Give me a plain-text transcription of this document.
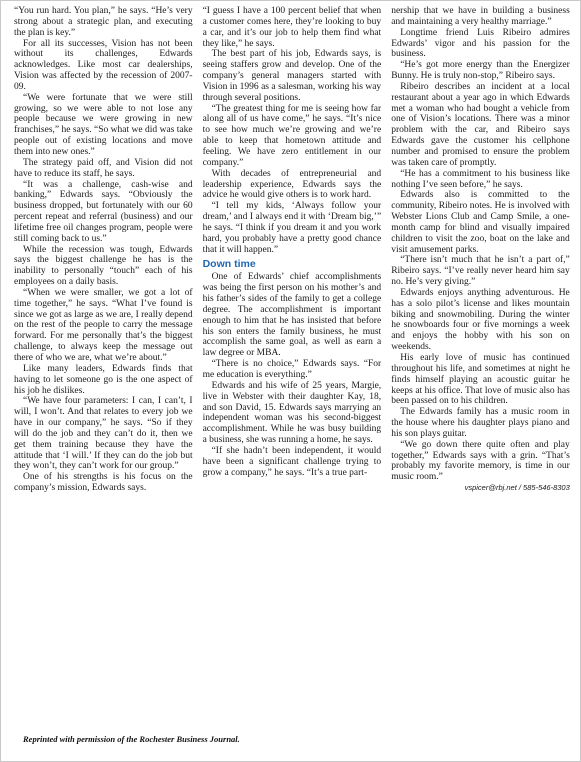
“You run hard. You plan,” he says. “He’s very strong about a strategic plan, and executing the plan is key.”

For all its successes, Vision has not been without its challenges, Edwards acknowledges. Like most car dealerships, Vision was affected by the recession of 2007-09.

“We were fortunate that we were still growing, so we were able to not lose any people because we were growing in new franchises,” he says. “So what we did was take people out of existing locations and move them into new ones.”

The strategy paid off, and Vision did not have to reduce its staff, he says.

“It was a challenge, cash-wise and banking,” Edwards says. “Obviously the business dropped, but fortunately with our 60 percent repeat and referral (business) and our lifetime free oil changes program, people were still coming back to us.”

While the recession was tough, Edwards says the biggest challenge he has is the inability to personally “touch” each of his employees on a daily basis.

“When we were smaller, we got a lot of time together,” he says. “What I’ve found is since we got as large as we are, I really depend on the rest of the people to carry the message forward. For me personally that’s the biggest challenge, to always keep the message out there of who we are, what we’re about.”

Like many leaders, Edwards finds that having to let someone go is the one aspect of his job he dislikes.

“We have four parameters: I can, I can’t, I will, I won’t. And that relates to every job we have in our company,” he says. “So if they will do the job and they can’t do it, then we get them training because they have the attitude that ‘I will.’ If they can do the job but they won’t, they can’t work for our group.”

One of his strengths is his focus on the company’s mission, Edwards says.

“I guess I have a 100 percent belief that when a customer comes here, they’re looking to buy a car, and it’s our job to help them find what they like,” he says.

The best part of his job, Edwards says, is seeing staffers grow and develop. One of the company’s general managers started with Vision in 1996 as a salesman, working his way through several positions.

“The greatest thing for me is seeing how far along all of us have come,” he says. “It’s nice to see how much we’re growing and we’re able to keep that hometown attitude and feeling. We have zero entitlement in our company.”

With decades of entrepreneurial and leadership experience, Edwards says the advice he would give others is to work hard.

“I tell my kids, ‘Always follow your dream,’ and I always end it with ‘Dream big,’” he says. “I think if you dream it and you work hard, you probably have a pretty good chance that it will happen.”

Down time

One of Edwards’ chief accomplishments was being the first person on his mother’s and his father’s sides of the family to get a college degree. The accomplishment is important enough to him that he has insisted that before his son enters the family business, he must accomplish the same goal, as well as earn a law degree or MBA.

“There is no choice,” Edwards says. “For me education is everything.”

Edwards and his wife of 25 years, Margie, live in Webster with their daughter Kay, 18, and son David, 15. Edwards says marrying an independent woman was his second-biggest accomplishment. While he was busy building a business, she was running a home, he says.

“If she hadn’t been independent, it would have been a significant challenge trying to grow a company,” he says. “It’s a true part-

nership that we have in building a business and maintaining a very healthy marriage.”

Longtime friend Luis Ribeiro admires Edwards’ vigor and his passion for the business.

“He’s got more energy than the Energizer Bunny. He is truly non-stop,” Ribeiro says.

Ribeiro describes an incident at a local restaurant about a year ago in which Edwards met a woman who had bought a vehicle from one of Vision’s locations. There was a minor problem with the car, and Ribeiro says Edwards gave the customer his cellphone number and promised to ensure the problem was taken care of promptly.

“He has a commitment to his business like nothing I’ve seen before,” he says.

Edwards also is committed to the community, Ribeiro notes. He is involved with Webster Lions Club and Camp Smile, a one-month camp for blind and visually impaired children to visit the zoo, boat on the lake and visit amusement parks.

“There isn’t much that he isn’t a part of,” Ribeiro says. “I’ve really never heard him say no. He’s very giving.”

Edwards enjoys anything adventurous. He has a solo pilot’s license and likes mountain biking and snowmobiling. During the winter he snowboards four or five mornings a week and enjoys the hobby with his son on weekends.

His early love of music has continued throughout his life, and sometimes at night he finds himself playing an acoustic guitar he keeps at his office. That love of music also has been passed on to his children.

The Edwards family has a music room in the house where his daughter plays piano and his son plays guitar.

“We go down there quite often and play together,” Edwards says with a grin. “That’s probably my favorite memory, is time in our music room.”

vspicer@rbj.net / 585-546-8303

Reprinted with permission of the Rochester Business Journal.
